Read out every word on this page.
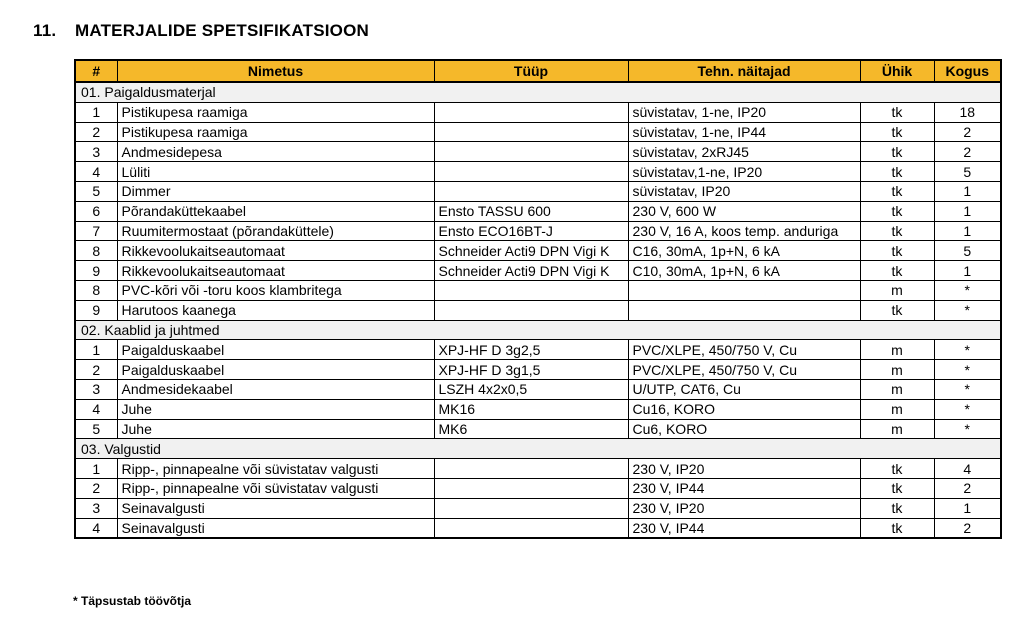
11. MATERJALIDE SPETSIFIKATSIOON
#	Nimetus	Tüüp	Tehn. näitajad	Ühik	Kogus
01. Paigaldusmaterjal					
1	Pistikupesa raamiga		süvistatav, 1-ne, IP20	tk	18
2	Pistikupesa raamiga		süvistatav, 1-ne, IP44	tk	2
3	Andmesidepesa		süvistatav, 2xRJ45	tk	2
4	Lüliti		süvistatav,1-ne, IP20	tk	5
5	Dimmer		süvistatav, IP20	tk	1
6	Põrandaküttekaabel	Ensto TASSU 600	230 V, 600 W	tk	1
7	Ruumitermostaat (põrandaküttele)	Ensto ECO16BT-J	230 V, 16 A, koos temp. anduriga	tk	1
8	Rikkevoolukaitseautomaat	Schneider Acti9 DPN Vigi K	C16, 30mA, 1p+N, 6 kA	tk	5
9	Rikkevoolukaitseautomaat	Schneider Acti9 DPN Vigi K	C10, 30mA, 1p+N, 6 kA	tk	1
8	PVC-kõri või -toru koos klambritega			m	*
9	Harutoos kaanega			tk	*
02. Kaablid ja juhtmed					
1	Paigalduskaabel	XPJ-HF D 3g2,5	PVC/XLPE, 450/750 V, Cu	m	*
2	Paigalduskaabel	XPJ-HF D 3g1,5	PVC/XLPE, 450/750 V, Cu	m	*
3	Andmesidekaabel	LSZH 4x2x0,5	U/UTP, CAT6, Cu	m	*
4	Juhe	MK16	Cu16, KORO	m	*
5	Juhe	MK6	Cu6, KORO	m	*
03. Valgustid					
1	Ripp-, pinnapealne või süvistatav valgusti		230 V, IP20	tk	4
2	Ripp-, pinnapealne või süvistatav valgusti		230 V, IP44	tk	2
3	Seinavalgusti		230 V, IP20	tk	1
4	Seinavalgusti		230 V, IP44	tk	2
* Täpsustab töövõtja
